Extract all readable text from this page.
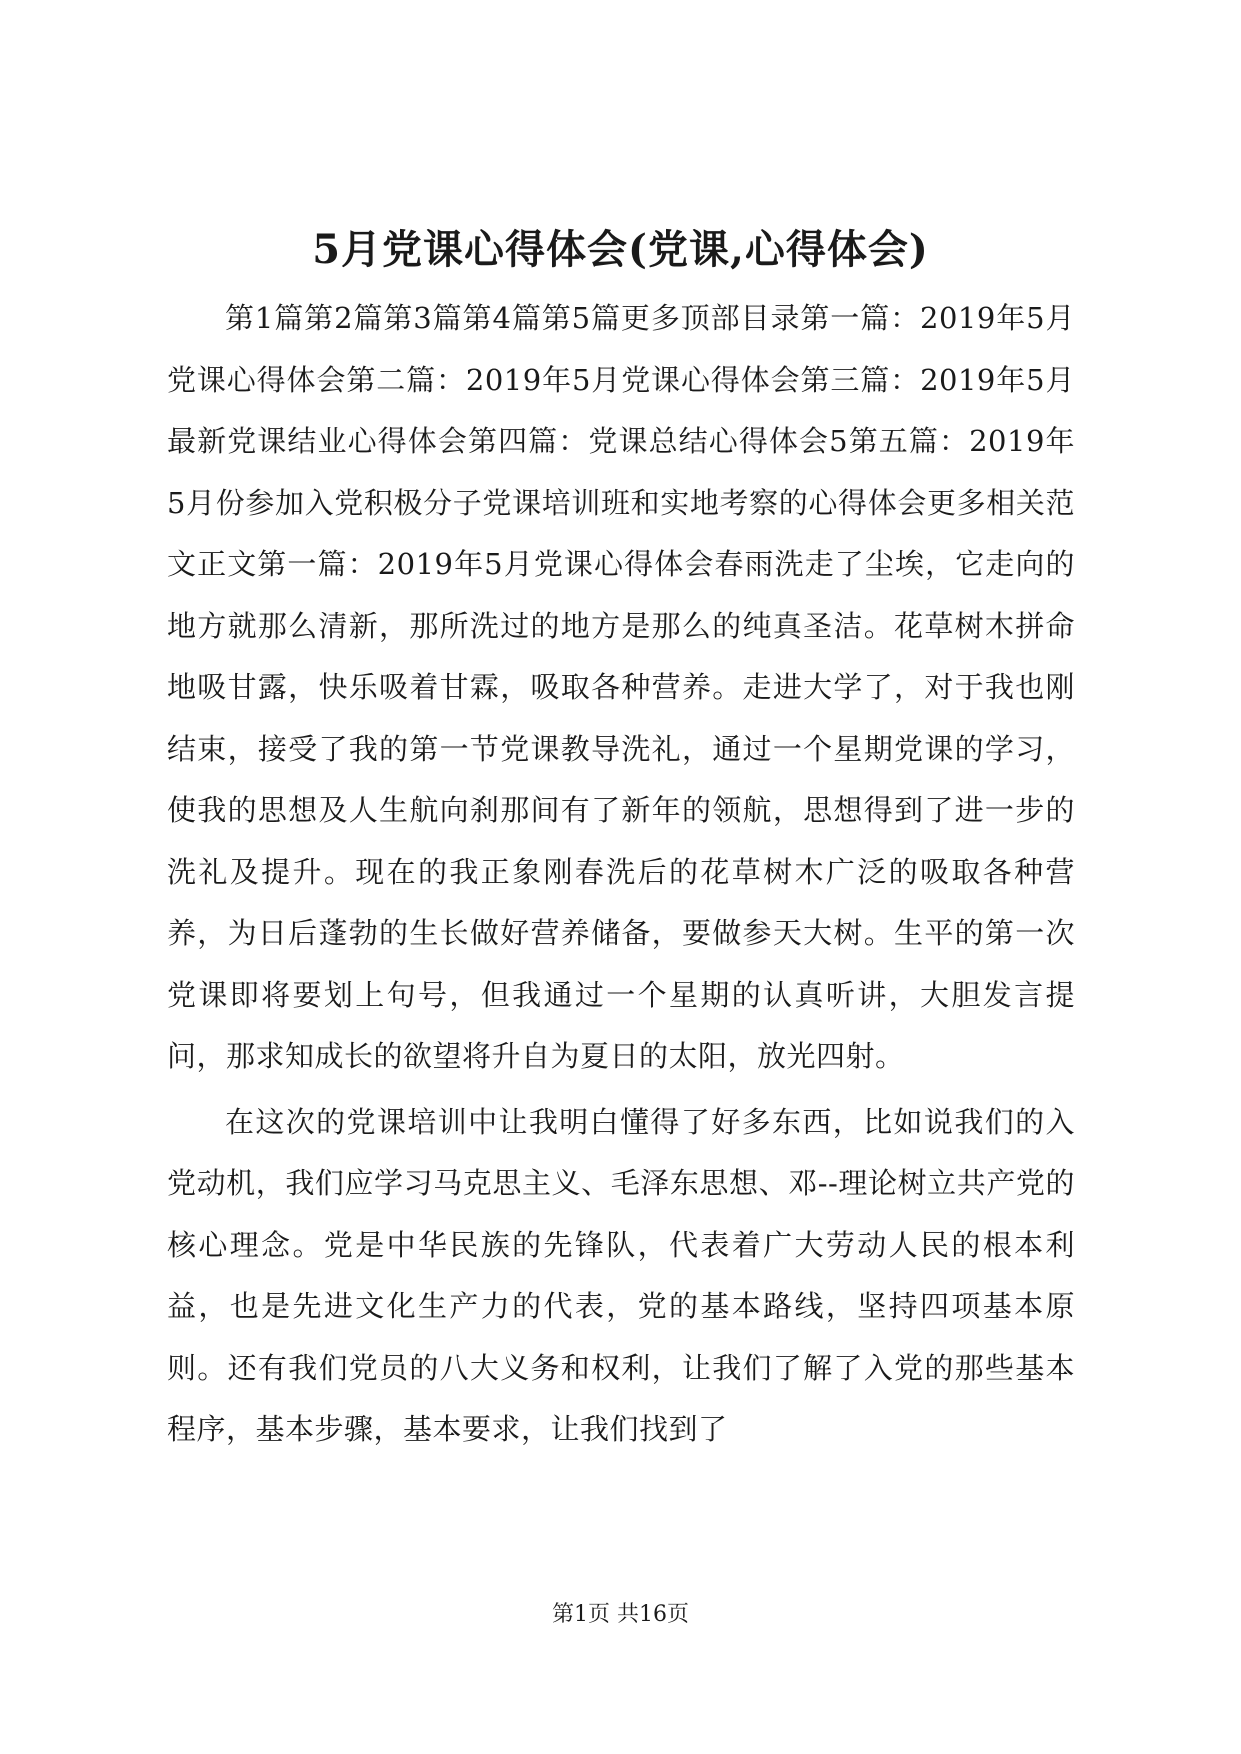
5月党课心得体会(党课,心得体会)

第1篇第2篇第3篇第4篇第5篇更多顶部目录第一篇：2019年5月党课心得体会第二篇：2019年5月党课心得体会第三篇：2019年5月最新党课结业心得体会第四篇：党课总结心得体会5第五篇：2019年5月份参加入党积极分子党课培训班和实地考察的心得体会更多相关范文正文第一篇：2019年5月党课心得体会春雨洗走了尘埃，它走向的地方就那么清新，那所洗过的地方是那么的纯真圣洁。花草树木拼命地吸甘露，快乐吸着甘霖，吸取各种营养。走进大学了，对于我也刚结束，接受了我的第一节党课教导洗礼，通过一个星期党课的学习，使我的思想及人生航向刹那间有了新年的领航，思想得到了进一步的洗礼及提升。现在的我正象刚春洗后的花草树木广泛的吸取各种营养，为日后蓬勃的生长做好营养储备，要做参天大树。生平的第一次党课即将要划上句号，但我通过一个星期的认真听讲，大胆发言提问，那求知成长的欲望将升自为夏日的太阳，放光四射。

在这次的党课培训中让我明白懂得了好多东西，比如说我们的入党动机，我们应学习马克思主义、毛泽东思想、邓--理论树立共产党的核心理念。党是中华民族的先锋队，代表着广大劳动人民的根本利益，也是先进文化生产力的代表，党的基本路线，坚持四项基本原则。还有我们党员的八大义务和权利，让我们了解了入党的那些基本程序，基本步骤，基本要求，让我们找到了

第1页 共16页
